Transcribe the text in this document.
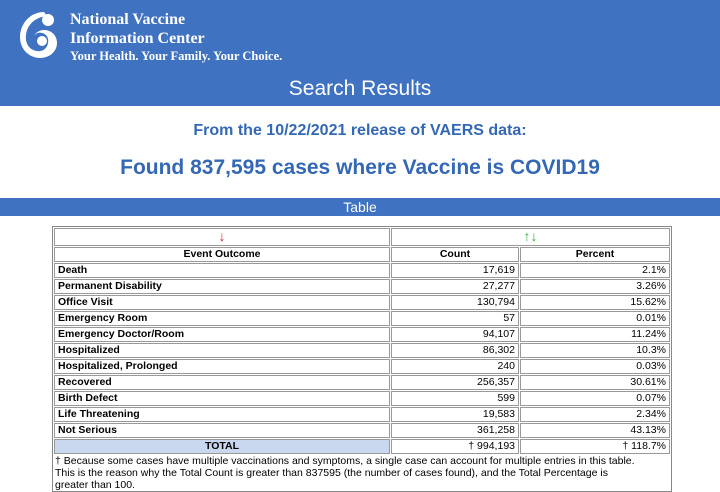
National Vaccine
Information Center
Your Health. Your Family. Your Choice.
Search Results
From the 10/22/2021 release of VAERS data:
Found 837,595 cases where Vaccine is COVID19
Table
↓	↑↓	
Event Outcome	Count	Percent
Death	17,619	2.1%
Permanent Disability	27,277	3.26%
Office Visit	130,794	15.62%
Emergency Room	57	0.01%
Emergency Doctor/Room	94,107	11.24%
Hospitalized	86,302	10.3%
Hospitalized, Prolonged	240	0.03%
Recovered	256,357	30.61%
Birth Defect	599	0.07%
Life Threatening	19,583	2.34%
Not Serious	361,258	43.13%
TOTAL	† 994,193	† 118.7%
† Because some cases have multiple vaccinations and symptoms, a single case can account for multiple entries in this table.
This is the reason why the Total Count is greater than 837595 (the number of cases found), and the Total Percentage is
greater than 100.
